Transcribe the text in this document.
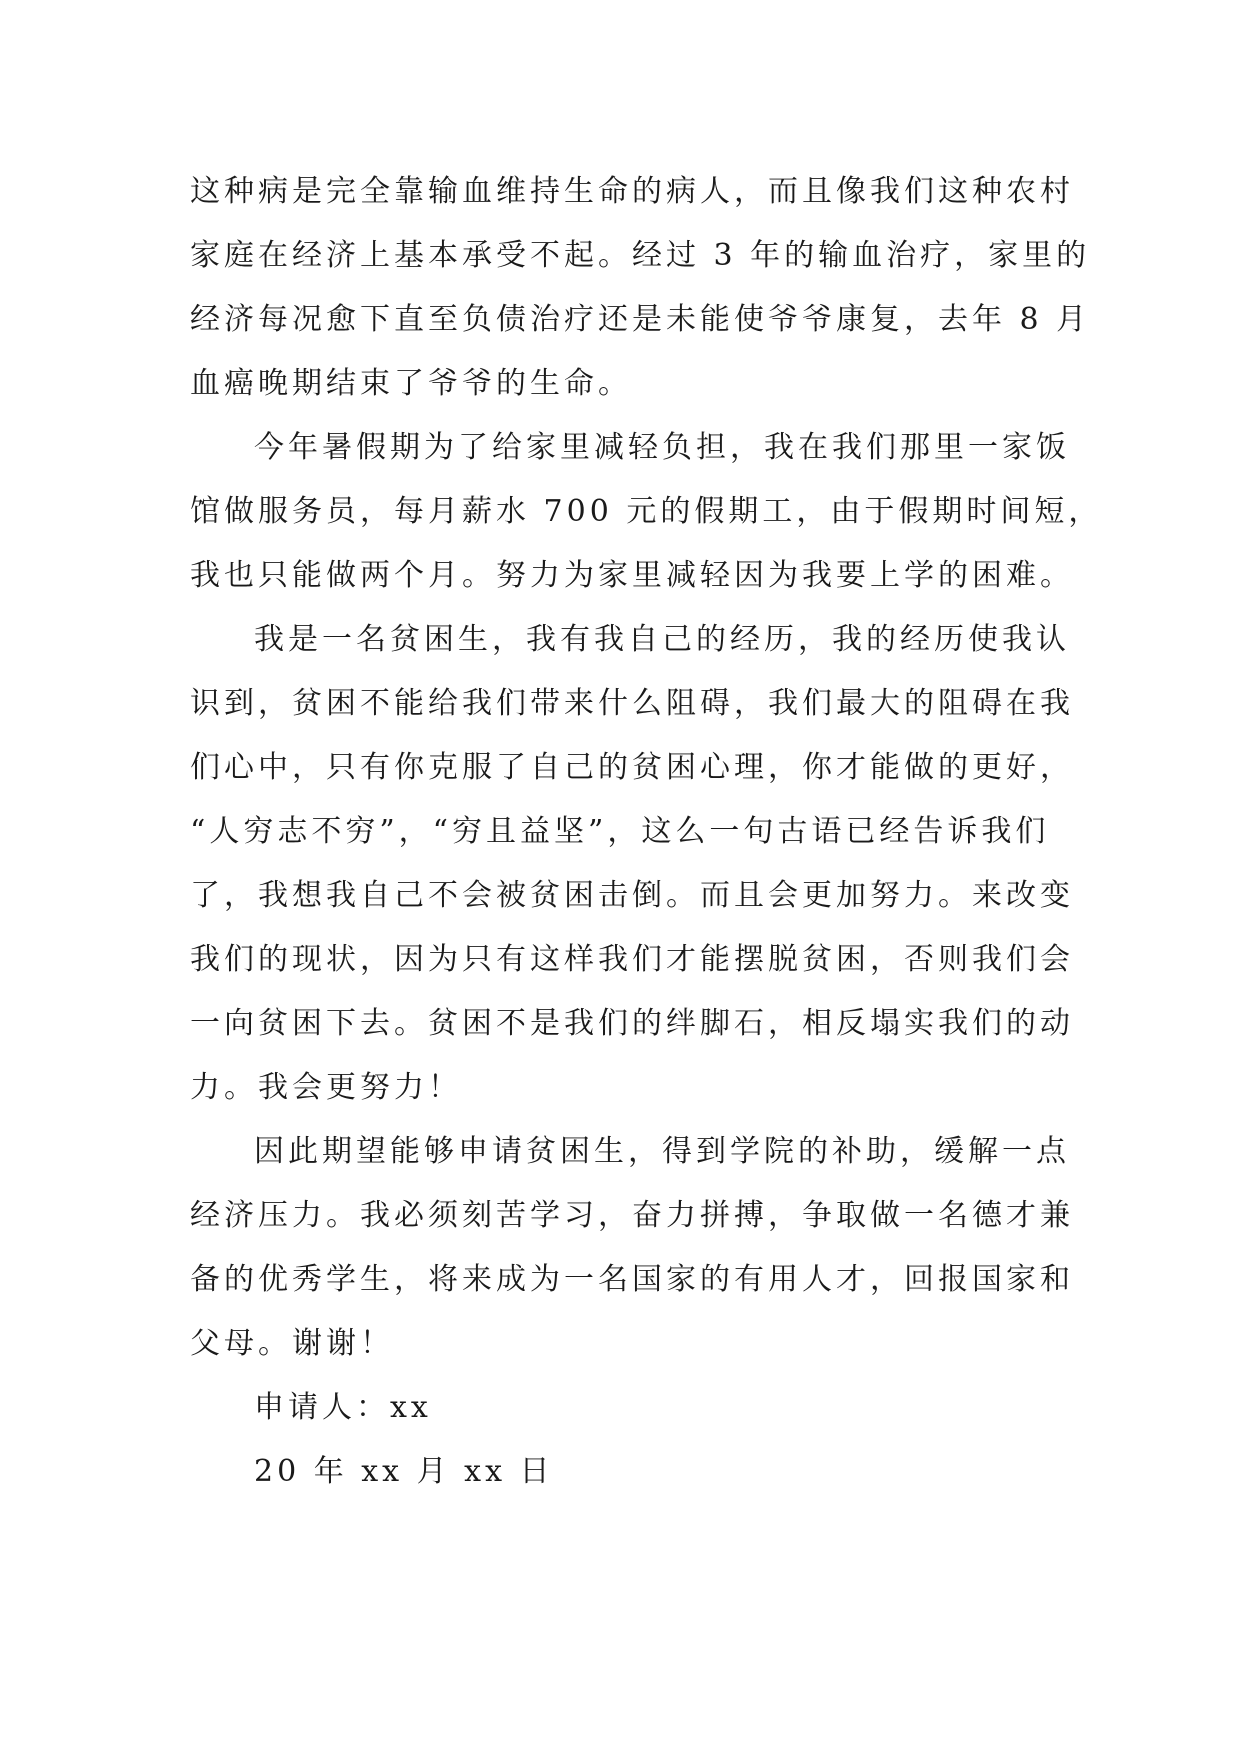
这种病是完全靠输血维持生命的病人，而且像我们这种农村
家庭在经济上基本承受不起。经过 3 年的输血治疗，家里的
经济每况愈下直至负债治疗还是未能使爷爷康复，去年 8 月
血癌晚期结束了爷爷的生命。
今年暑假期为了给家里减轻负担，我在我们那里一家饭
馆做服务员，每月薪水 700 元的假期工，由于假期时间短，
我也只能做两个月。努力为家里减轻因为我要上学的困难。
我是一名贫困生，我有我自己的经历，我的经历使我认
识到，贫困不能给我们带来什么阻碍，我们最大的阻碍在我
们心中，只有你克服了自己的贫困心理，你才能做的更好，
“人穷志不穷”，“穷且益坚”，这么一句古语已经告诉我们
了，我想我自己不会被贫困击倒。而且会更加努力。来改变
我们的现状，因为只有这样我们才能摆脱贫困，否则我们会
一向贫困下去。贫困不是我们的绊脚石，相反塌实我们的动
力。我会更努力！
因此期望能够申请贫困生，得到学院的补助，缓解一点
经济压力。我必须刻苦学习，奋力拼搏，争取做一名德才兼
备的优秀学生，将来成为一名国家的有用人才，回报国家和
父母。谢谢！
申请人：xx
20 年 xx 月 xx 日
